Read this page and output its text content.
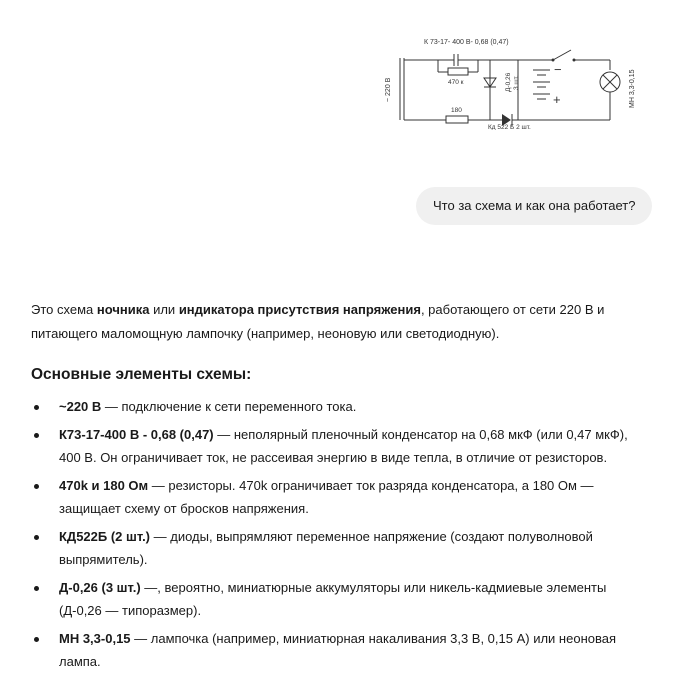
К 73-17- 400 В- 0,68 (0,47)
~ 220 В	470 к
180
Д-0,26 3 шт.
Кд 522 Б 2 шт.
МН 3,3-0,15
−
+
Что за схема и как она работает?

Это схема ночника или индикатора присутствия напряжения, работающего от сети 220 В и питающего маломощную лампочку (например, неоновую или светодиодную).

Основные элементы схемы:
~220 В — подключение к сети переменного тока.
К73-17-400 В - 0,68 (0,47) — неполярный пленочный конденсатор на 0,68 мкФ (или 0,47 мкФ), 400 В. Он ограничивает ток, не рассеивая энергию в виде тепла, в отличие от резисторов.
470k и 180 Ом — резисторы. 470k ограничивает ток разряда конденсатора, а 180 Ом — защищает схему от бросков напряжения.
КД522Б (2 шт.) — диоды, выпрямляют переменное напряжение (создают полуволновой выпрямитель).
Д-0,26 (3 шт.) —, вероятно, миниатюрные аккумуляторы или никель-кадмиевые элементы (Д-0,26 — типоразмер).
МН 3,3-0,15 — лампочка (например, миниатюрная накаливания 3,3 В, 0,15 А) или неоновая лампа.
